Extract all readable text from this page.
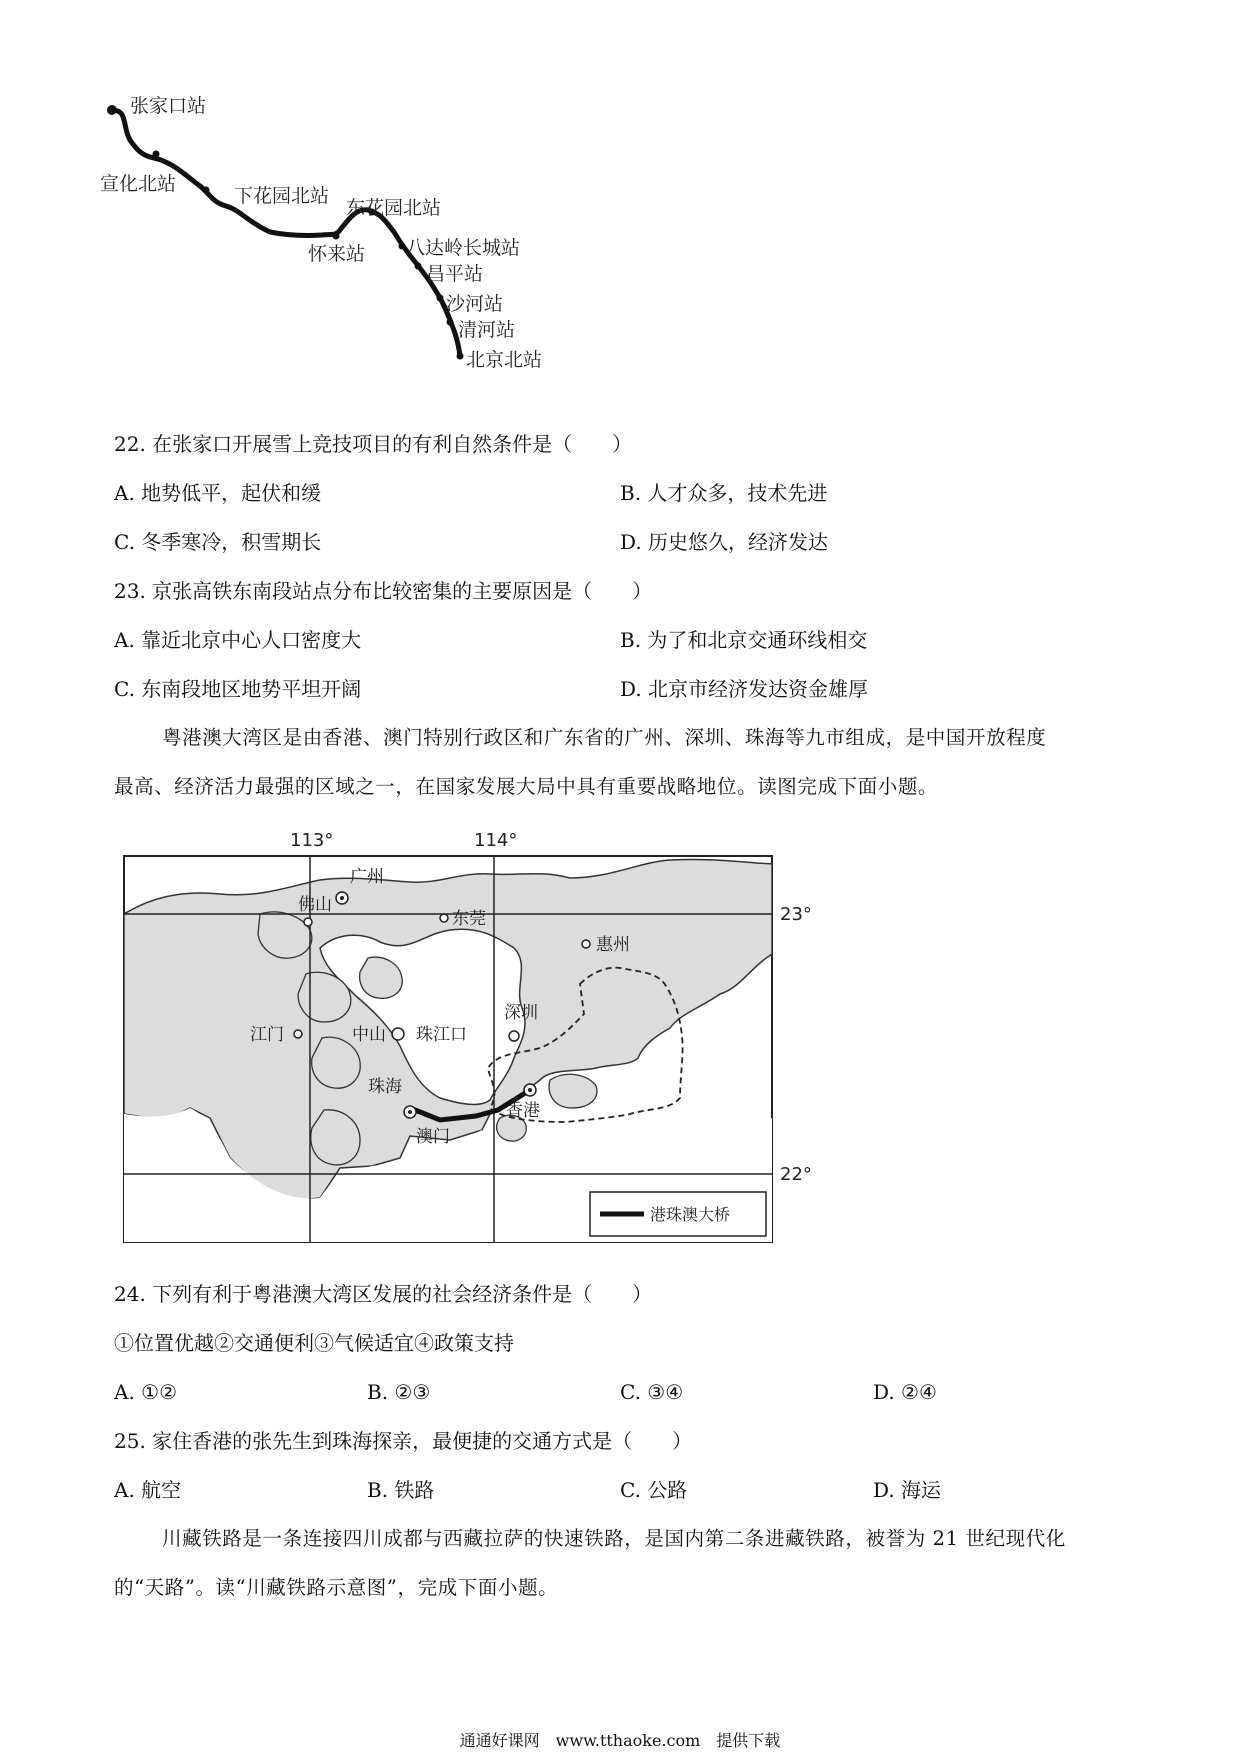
张家口站
宣化北站
下花园北站
东花园北站
怀来站 八达岭长城站
昌平站
沙河站
清河站
北京北站
22. 在张家口开展雪上竞技项目的有利自然条件是（　　）
A. 地势低平，起伏和缓	B. 人才众多，技术先进
C. 冬季寒冷，积雪期长	D. 历史悠久，经济发达
23. 京张高铁东南段站点分布比较密集的主要原因是（　　）
A. 靠近北京中心人口密度大	B. 为了和北京交通环线相交
C. 东南段地区地势平坦开阔	D. 北京市经济发达资金雄厚
粤港澳大湾区是由香港、澳门特别行政区和广东省的广州、深圳、珠海等九市组成，是中国开放程度
最高、经济活力最强的区域之一，在国家发展大局中具有重要战略地位。读图完成下面小题。
广州
佛山
东莞
惠州
深圳
江门	中山 珠江口
珠海
香港
澳门
113°	114°
23°
22°
港珠澳大桥
24. 下列有利于粤港澳大湾区发展的社会经济条件是（　　）
①位置优越②交通便利③气候适宜④政策支持
A. ①②	B. ②③	C. ③④	D. ②④
25. 家住香港的张先生到珠海探亲，最便捷的交通方式是（　　）
A. 航空	B. 铁路	C. 公路	D. 海运
川藏铁路是一条连接四川成都与西藏拉萨的快速铁路，是国内第二条进藏铁路，被誉为 21 世纪现代化
的“天路”。读“川藏铁路示意图”，完成下面小题。
通通好课网　www.tthaoke.com　提供下载
